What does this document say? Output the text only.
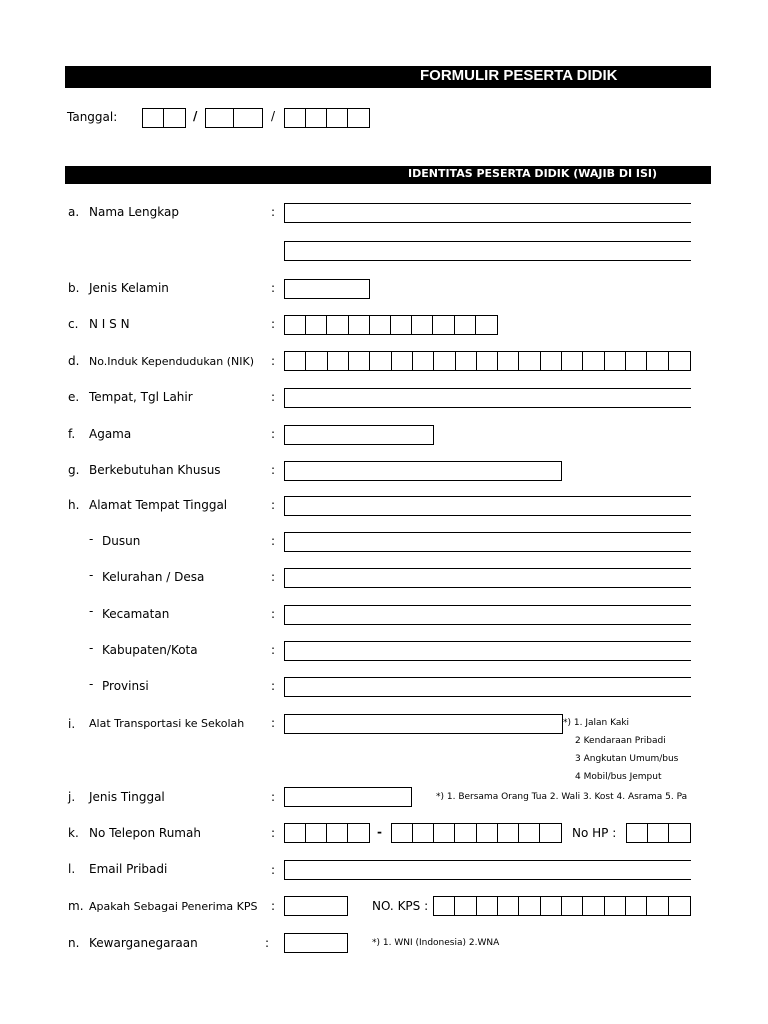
FORMULIR PESERTA DIDIK
Tanggal:	/	/
IDENTITAS PESERTA DIDIK (WAJIB DI ISI)
a. Nama Lengkap	:
b. Jenis Kelamin	:
c. N I S N	:
d. No.Induk Kependudukan (NIK) :
e. Tempat, Tgl Lahir	:
f. Agama	:
g. Berkebutuhan Khusus	:
h. Alamat Tempat Tinggal	:
- Dusun	:
- Kelurahan / Desa	:
- Kecamatan	:
- Kabupaten/Kota	:
- Provinsi	:
i. Alat Transportasi ke Sekolah :	*) 1. Jalan Kaki
2 Kendaraan Pribadi
3 Angkutan Umum/bus
4 Mobil/bus Jemput
j. Jenis Tinggal	:	*) 1. Bersama Orang Tua 2. Wali 3. Kost 4. Asrama 5. Pa
k. No Telepon Rumah	:	-	No HP :
l. Email Pribadi	:
m. Apakah Sebagai Penerima KPS :	NO. KPS :
n. Kewarganegaraan	:	*) 1. WNI (Indonesia) 2.WNA
